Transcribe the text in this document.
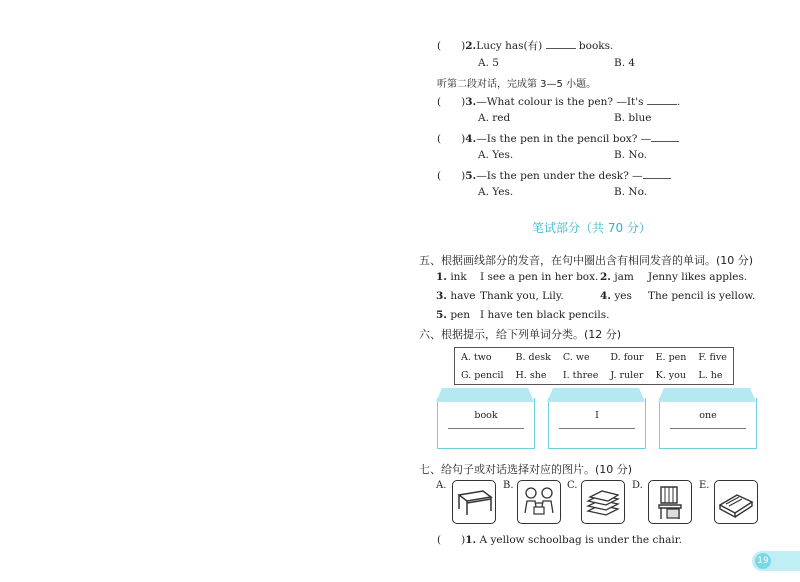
( )2.Lucy has(有)	books.
A. 5	B. 4
听第二段对话，完成第 3—5 小题。
(      )3.—What colour is the pen? —It's	.
A. red	B. blue
(      )4.—Is the pen in the pencil box? —
A. Yes.	B. No.
(      )5.—Is the pen under the desk? —
A. Yes.	B. No.
笔试部分（共 70 分）
五、根据画线部分的发音，在句中圈出含有相同发音的单词。(10 分)
1. ink I see a pen in her box. 2. jam Jenny likes apples.
3. have Thank you, Lily.	4. yes The pencil is yellow.
5. pen I have ten black pencils.
六、根据提示，给下列单词分类。(12 分)
A. two	B. desk	C. we	D. four	E. pen	F. five
G. pencil	H. she	I. three	J. ruler	K. you	L. he
book	I	one
七、给句子或对话选择对应的图片。(10 分)
A.	B.	C.	D.	E.
(      )1. A yellow schoolbag is under the chair.
19
